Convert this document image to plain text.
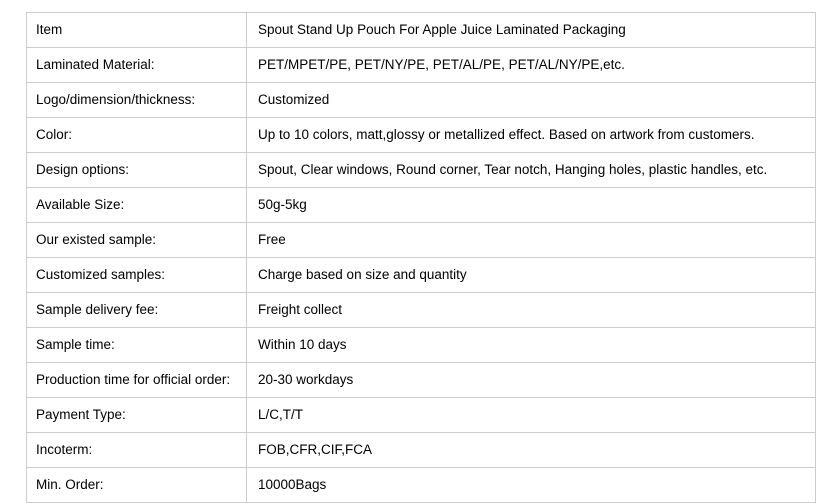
Item	Spout Stand Up Pouch For Apple Juice Laminated Packaging
Laminated Material:	PET/MPET/PE, PET/NY/PE, PET/AL/PE, PET/AL/NY/PE,etc.
Logo/dimension/thickness:	Customized
Color:	Up to 10 colors, matt,glossy or metallized effect. Based on artwork from customers.
Design options:	Spout, Clear windows, Round corner, Tear notch, Hanging holes, plastic handles, etc.
Available Size:	50g-5kg
Our existed sample:	Free
Customized samples:	Charge based on size and quantity
Sample delivery fee:	Freight collect
Sample time:	Within 10 days
Production time for official order:	20-30 workdays
Payment Type:	L/C,T/T
Incoterm:	FOB,CFR,CIF,FCA
Min. Order:	10000Bags
